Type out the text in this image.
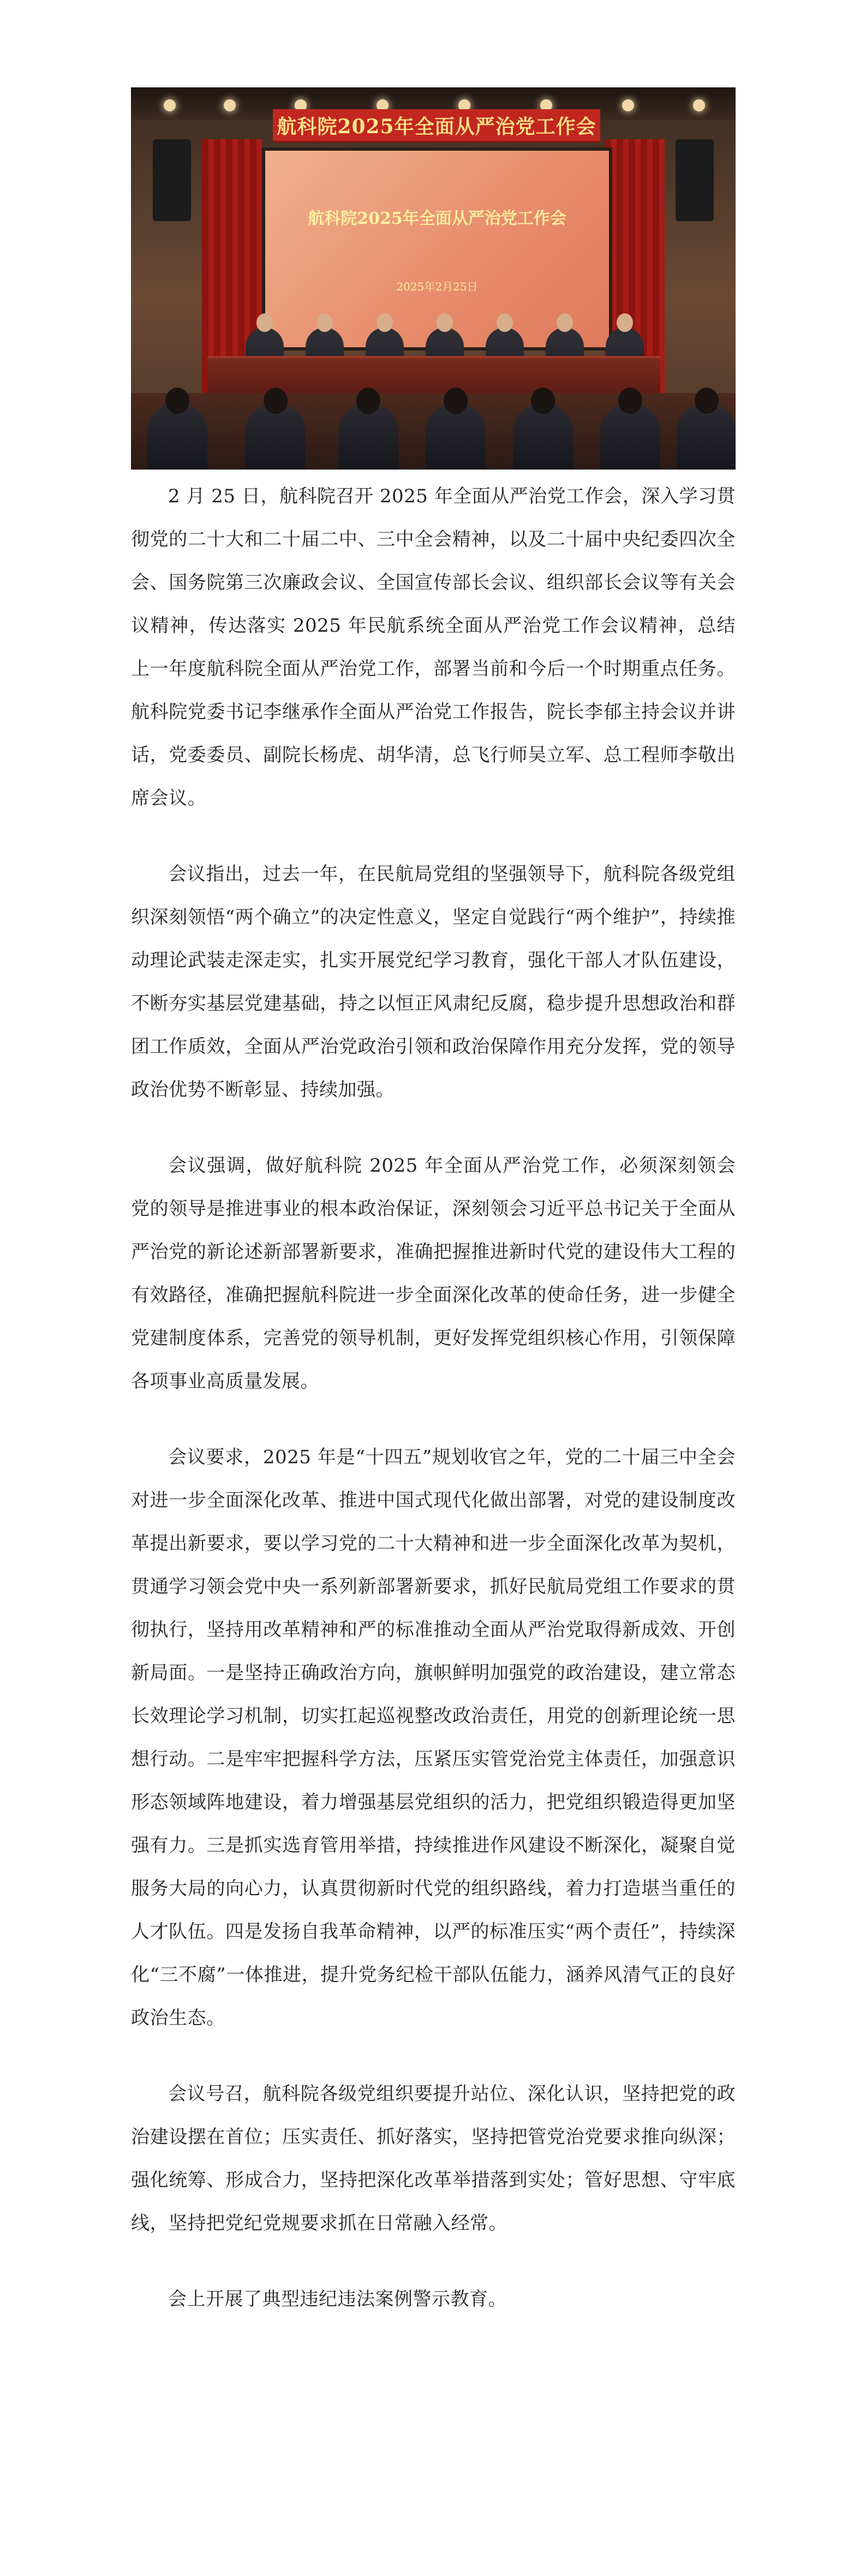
航科院2025年全面从严治党工作会
航科院2025年全面从严治党工作会
2025年2月25日

2 月 25 日，航科院召开 2025 年全面从严治党工作会，深入学习贯彻党的二十大和二十届二中、三中全会精神，以及二十届中央纪委四次全会、国务院第三次廉政会议、全国宣传部长会议、组织部长会议等有关会议精神，传达落实 2025 年民航系统全面从严治党工作会议精神，总结上一年度航科院全面从严治党工作，部署当前和今后一个时期重点任务。航科院党委书记李继承作全面从严治党工作报告，院长李郁主持会议并讲话，党委委员、副院长杨虎、胡华清，总飞行师吴立军、总工程师李敬出席会议。

会议指出，过去一年，在民航局党组的坚强领导下，航科院各级党组织深刻领悟“两个确立”的决定性意义，坚定自觉践行“两个维护”，持续推动理论武装走深走实，扎实开展党纪学习教育，强化干部人才队伍建设，不断夯实基层党建基础，持之以恒正风肃纪反腐，稳步提升思想政治和群团工作质效，全面从严治党政治引领和政治保障作用充分发挥，党的领导政治优势不断彰显、持续加强。

会议强调，做好航科院 2025 年全面从严治党工作，必须深刻领会党的领导是推进事业的根本政治保证，深刻领会习近平总书记关于全面从严治党的新论述新部署新要求，准确把握推进新时代党的建设伟大工程的有效路径，准确把握航科院进一步全面深化改革的使命任务，进一步健全党建制度体系，完善党的领导机制，更好发挥党组织核心作用，引领保障各项事业高质量发展。

会议要求，2025 年是“十四五”规划收官之年，党的二十届三中全会对进一步全面深化改革、推进中国式现代化做出部署，对党的建设制度改革提出新要求，要以学习党的二十大精神和进一步全面深化改革为契机，贯通学习领会党中央一系列新部署新要求，抓好民航局党组工作要求的贯彻执行，坚持用改革精神和严的标准推动全面从严治党取得新成效、开创新局面。一是坚持正确政治方向，旗帜鲜明加强党的政治建设，建立常态长效理论学习机制，切实扛起巡视整改政治责任，用党的创新理论统一思想行动。二是牢牢把握科学方法，压紧压实管党治党主体责任，加强意识形态领域阵地建设，着力增强基层党组织的活力，把党组织锻造得更加坚强有力。三是抓实选育管用举措，持续推进作风建设不断深化，凝聚自觉服务大局的向心力，认真贯彻新时代党的组织路线，着力打造堪当重任的人才队伍。四是发扬自我革命精神，以严的标准压实“两个责任”，持续深化“三不腐”一体推进，提升党务纪检干部队伍能力，涵养风清气正的良好政治生态。

会议号召，航科院各级党组织要提升站位、深化认识，坚持把党的政治建设摆在首位；压实责任、抓好落实，坚持把管党治党要求推向纵深；强化统筹、形成合力，坚持把深化改革举措落到实处；管好思想、守牢底线，坚持把党纪党规要求抓在日常融入经常。

会上开展了典型违纪违法案例警示教育。
